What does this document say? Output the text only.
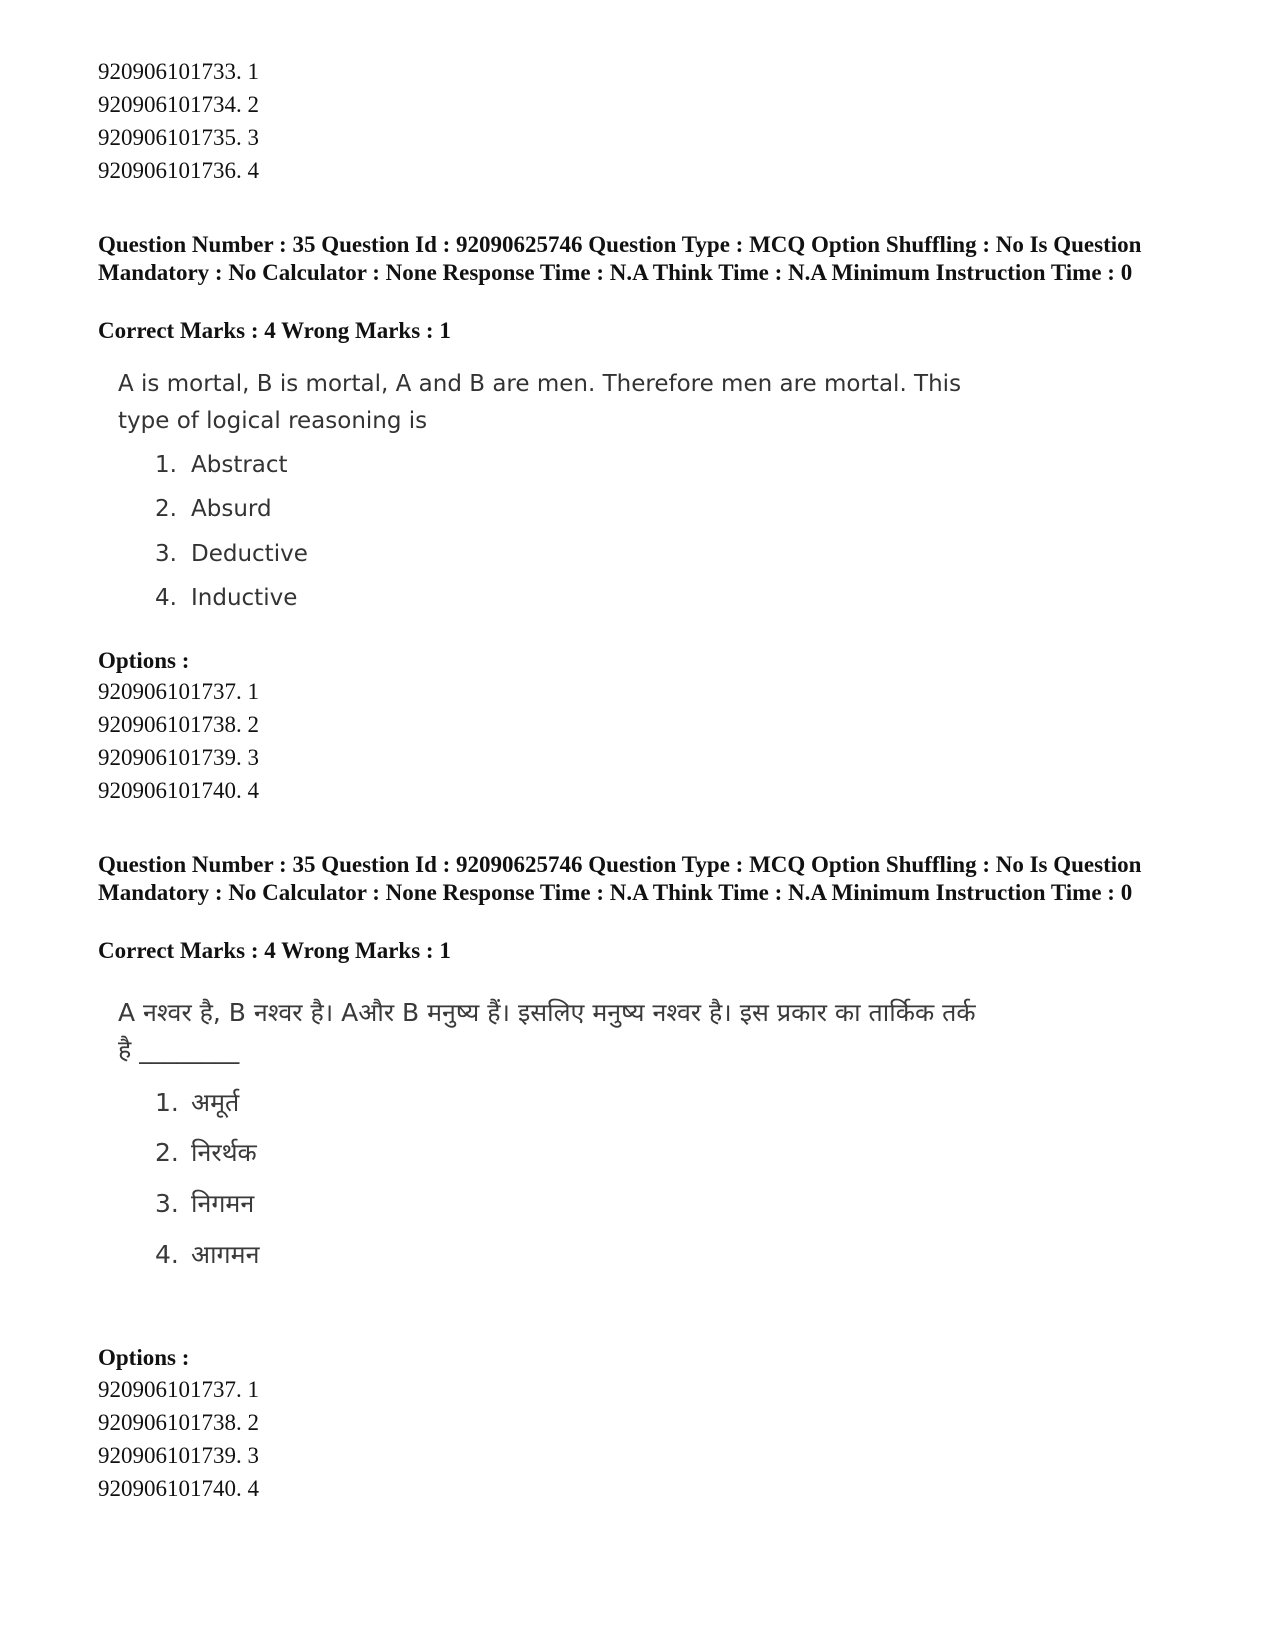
920906101733. 1
920906101734. 2
920906101735. 3
920906101736. 4
Question Number : 35 Question Id : 92090625746 Question Type : MCQ Option Shuffling : No Is Question Mandatory : No Calculator : None Response Time : N.A Think Time : N.A Minimum Instruction Time : 0
Correct Marks : 4 Wrong Marks : 1
A is mortal, B is mortal, A and B are men. Therefore men are mortal. This type of logical reasoning is
1. Abstract
2. Absurd
3. Deductive
4. Inductive
Options :
920906101737. 1
920906101738. 2
920906101739. 3
920906101740. 4
Question Number : 35 Question Id : 92090625746 Question Type : MCQ Option Shuffling : No Is Question Mandatory : No Calculator : None Response Time : N.A Think Time : N.A Minimum Instruction Time : 0
Correct Marks : 4 Wrong Marks : 1
A नश्वर है, B नश्वर है। Aऔर B मनुष्य हैं। इसलिए मनुष्य नश्वर है। इस प्रकार का तार्किक तर्क है ________
1. अमूर्त
2. निरर्थक
3. निगमन
4. आगमन
Options :
920906101737. 1
920906101738. 2
920906101739. 3
920906101740. 4
